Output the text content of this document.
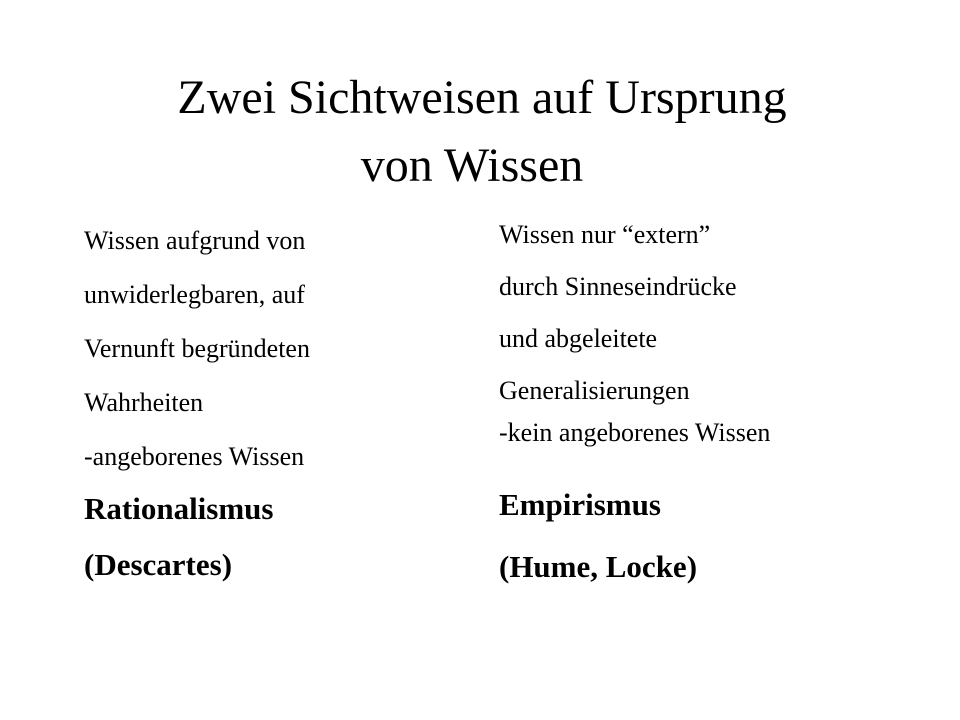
Zwei Sichtweisen auf Ursprung
von Wissen
Wissen aufgrund von
unwiderlegbaren, auf
Vernunft begründeten
Wahrheiten
-angeborenes Wissen
Rationalismus
(Descartes)
Wissen nur “extern”
durch Sinneseindrücke
und abgeleitete
Generalisierungen
-kein angeborenes Wissen
Empirismus
(Hume, Locke)
